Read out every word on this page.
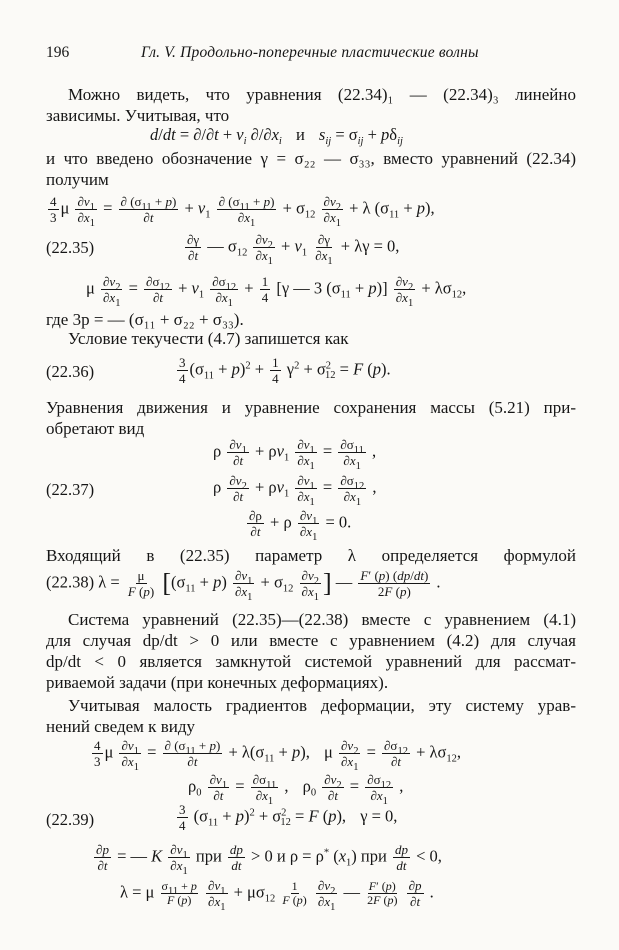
196	Гл. V. Продольно-поперечные пластические волны
Можно видеть, что уравнения (22.34)₁ — (22.34)₃ линейно
зависимы. Учитывая, что
$d/dt = \partial/\partial t + v_i$ $\partial/\partial x_i$ и $s_{ij} = \sigma_{ij} + p\delta_{ij}$
и что введено обозначение γ = σ₂₂ — σ₃₃, вместо уравнений (22.34)
получим
$\frac{4}{3}$ μ $\frac{\partial v_1}{\partial x_1} = \frac{\partial (\sigma_{11} + p)}{\partial t} + v_1 \frac{\partial (\sigma_{11} + p)}{\partial x_1} + \sigma_{12} \frac{\partial v_2}{\partial x_1} + \lambda$ $(\sigma_{11} + p)$,
(22.35)	$\frac{\partial\gamma}{\partial t}$ — $\sigma_{12} \frac{\partial v_2}{\partial x_1} + v_1 \frac{\partial\gamma}{\partial x_1} + \lambda\gamma = 0$,
μ $\frac{\partial v_2}{\partial x_1} = \frac{\partial\sigma_{12}}{\partial t} + v_1 \frac{\partial\sigma_{12}}{\partial x_1} + \frac{1}{4} [\gamma$ — 3 $(\sigma_{11} + p)] \frac{\partial v_2}{\partial x_1} + \lambda\sigma_{12}$,
где 3p = — (σ₁₁ + σ₂₂ + σ₃₃).
Условие текучести (4.7) запишется как
(22.36)	$\frac{3}{4} (\sigma_{11} + p)^2 + \frac{1}{4} \gamma^2 + \sigma^2_{12} = F$ (p).
Уравнения движения и уравнение сохранения массы (5.21) при-
обретают вид
ρ $\frac{\partial v_1}{\partial t} + \rho v_1 \frac{\partial v_1}{\partial x_1} = \frac{\partial\sigma_{11}}{\partial x_1}$ ,
(22.37)	ρ $\frac{\partial v_2}{\partial t} + \rho v_1 \frac{\partial v_1}{\partial x_1} = \frac{\partial\sigma_{12}}{\partial x_1}$ ,
$\frac{\partial\rho}{\partial t} + \rho \frac{\partial v_1}{\partial x_1} = 0$.
Входящий в (22.35) параметр λ определяется формулой
(22.38) $\lambda = \frac{\mu}{F (p)} [(\sigma_{11} + p) \frac{\partial v_1}{\partial x_1} + \sigma_{12} \frac{\partial v_2}{\partial x_1}$ ] — $\frac{F' (p) (dp/dt)}{2F (p)}$ .
Система уравнений (22.35)—(22.38) вместе с уравнением (4.1)
для случая dp/dt > 0 или вместе с уравнением (4.2) для случая
dp/dt < 0 является замкнутой системой уравнений для рассмат-
риваемой задачи (при конечных деформациях).
Учитывая малость градиентов деформации, эту систему урав-
нений сведем к виду
$\frac{4}{3}$ μ $\frac{\partial v_1}{\partial x_1} = \frac{\partial (\sigma_{11} + p)}{\partial t} + \lambda(\sigma_{11} + p)$, μ $\frac{\partial v_2}{\partial x_1} = \frac{\partial\sigma_{12}}{\partial t} + \lambda\sigma_{12}$,
$\rho_0 \frac{\partial v_1}{\partial t} = \frac{\partial\sigma_{11}}{\partial x_1}$ , $\rho_0 \frac{\partial v_2}{\partial t} = \frac{\partial\sigma_{12}}{\partial x_1}$ ,
(22.39)	$\frac{3}{4} (\sigma_{11} + p)^2 + \sigma^2_{12} = F$ (p), γ = 0,
$\frac{\partial p}{\partial t}$ = — K $\frac{\partial v_1}{\partial x_1}$ при $\frac{dp}{dt} > 0$ и ρ = ρ* $(x_1)$ при $\frac{dp}{dt} < 0$,
λ = μ $\frac{\sigma_{11} + p}{F (p)}$
$\frac{\partial v_1}{\partial x_1} + \mu\sigma_{12} \frac{1}{F (p)}$
$\frac{\partial v_2}{\partial x_1}$ — $\frac{F' (p)}{2F (p)}$
$\frac{\partial p}{\partial t}$ .
